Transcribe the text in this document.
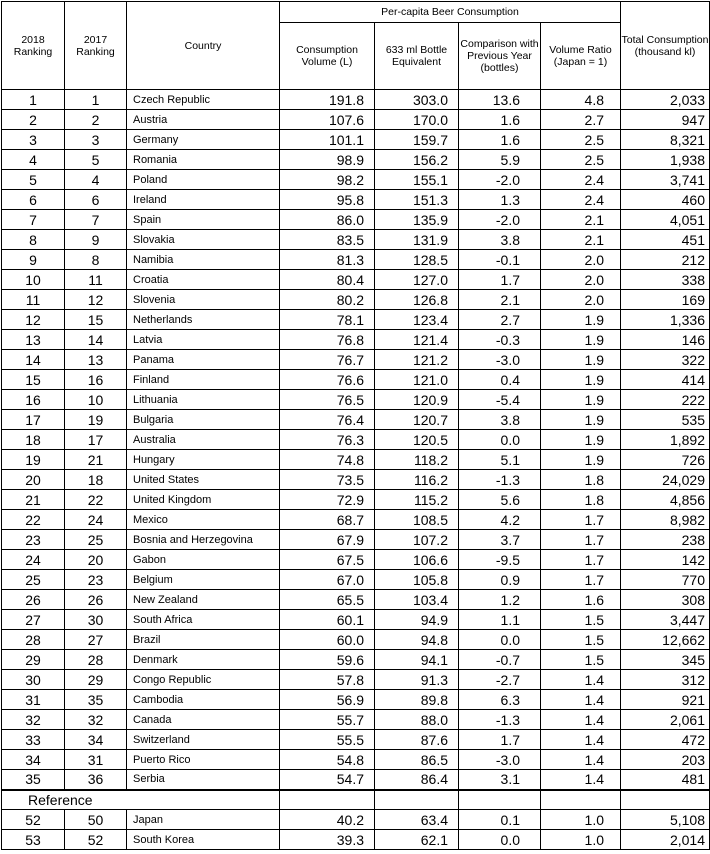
2018 Ranking	2017 Ranking	Country	Per-capita Beer Consumption				Total Consumption (thousand kl)
			Consumption Volume (L)	633 ml Bottle Equivalent	Comparison with Previous Year (bottles)	Volume Ratio (Japan = 1)	
1	1	Czech Republic	191.8	303.0	13.6	4.8	2,033
2	2	Austria	107.6	170.0	1.6	2.7	947
3	3	Germany	101.1	159.7	1.6	2.5	8,321
4	5	Romania	98.9	156.2	5.9	2.5	1,938
5	4	Poland	98.2	155.1	-2.0	2.4	3,741
6	6	Ireland	95.8	151.3	1.3	2.4	460
7	7	Spain	86.0	135.9	-2.0	2.1	4,051
8	9	Slovakia	83.5	131.9	3.8	2.1	451
9	8	Namibia	81.3	128.5	-0.1	2.0	212
10	11	Croatia	80.4	127.0	1.7	2.0	338
11	12	Slovenia	80.2	126.8	2.1	2.0	169
12	15	Netherlands	78.1	123.4	2.7	1.9	1,336
13	14	Latvia	76.8	121.4	-0.3	1.9	146
14	13	Panama	76.7	121.2	-3.0	1.9	322
15	16	Finland	76.6	121.0	0.4	1.9	414
16	10	Lithuania	76.5	120.9	-5.4	1.9	222
17	19	Bulgaria	76.4	120.7	3.8	1.9	535
18	17	Australia	76.3	120.5	0.0	1.9	1,892
19	21	Hungary	74.8	118.2	5.1	1.9	726
20	18	United States	73.5	116.2	-1.3	1.8	24,029
21	22	United Kingdom	72.9	115.2	5.6	1.8	4,856
22	24	Mexico	68.7	108.5	4.2	1.7	8,982
23	25	Bosnia and Herzegovina	67.9	107.2	3.7	1.7	238
24	20	Gabon	67.5	106.6	-9.5	1.7	142
25	23	Belgium	67.0	105.8	0.9	1.7	770
26	26	New Zealand	65.5	103.4	1.2	1.6	308
27	30	South Africa	60.1	94.9	1.1	1.5	3,447
28	27	Brazil	60.0	94.8	0.0	1.5	12,662
29	28	Denmark	59.6	94.1	-0.7	1.5	345
30	29	Congo Republic	57.8	91.3	-2.7	1.4	312
31	35	Cambodia	56.9	89.8	6.3	1.4	921
32	32	Canada	55.7	88.0	-1.3	1.4	2,061
33	34	Switzerland	55.5	87.6	1.7	1.4	472
34	31	Puerto Rico	54.8	86.5	-3.0	1.4	203
35	36	Serbia	54.7	86.4	3.1	1.4	481
Reference							
52	50	Japan	40.2	63.4	0.1	1.0	5,108
53	52	South Korea	39.3	62.1	0.0	1.0	2,014
